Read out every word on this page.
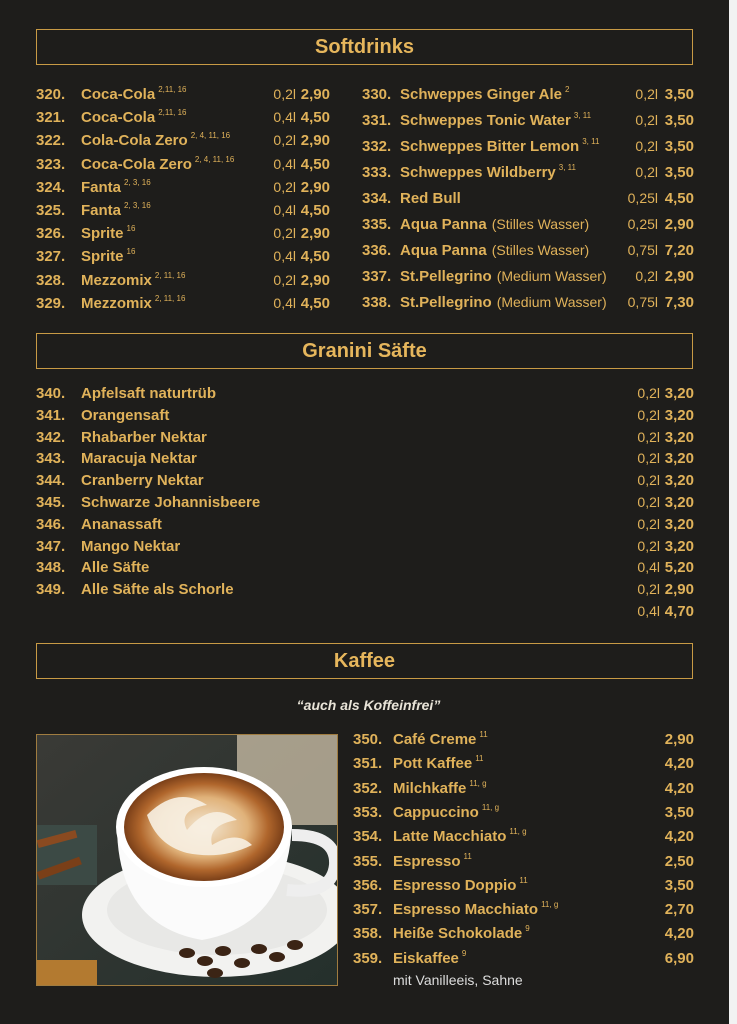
Softdrinks
320.	Coca-Cola 2,11, 16	0,2l 2,90
321.	Coca-Cola 2,11, 16	0,4l 4,50
322.	Cola-Cola Zero 2, 4, 11, 16	0,2l 2,90
323.	Coca-Cola Zero 2, 4, 11, 16	0,4l 4,50
324.	Fanta 2, 3, 16	0,2l 2,90
325.	Fanta 2, 3, 16	0,4l 4,50
326.	Sprite 16	0,2l 2,90
327.	Sprite 16	0,4l 4,50
328.	Mezzomix 2, 11, 16	0,2l 2,90
329.	Mezzomix 2, 11, 16	0,4l 4,50
330. Schweppes Ginger Ale 2	0,2l 3,50
331. Schweppes Tonic Water 3, 11	0,2l 3,50
332. Schweppes Bitter Lemon 3, 11	0,2l 3,50
333. Schweppes Wildberry 3, 11	0,2l 3,50
334. Red Bull	0,25l 4,50
335. Aqua Panna (Stilles Wasser)	0,25l 2,90
336. Aqua Panna (Stilles Wasser)	0,75l 7,20
337. St.Pellegrino (Medium Wasser) 0,2l 2,90
338. St.Pellegrino (Medium Wasser) 0,75l 7,30
Granini Säfte
340.	Apfelsaft naturtrüb	0,2l 3,20
341.	Orangensaft	0,2l 3,20
342.	Rhabarber Nektar	0,2l 3,20
343.	Maracuja Nektar	0,2l 3,20
344.	Cranberry Nektar	0,2l 3,20
345.	Schwarze Johannisbeere	0,2l 3,20
346.	Ananassaft	0,2l 3,20
347.	Mango Nektar	0,2l 3,20
348.	Alle Säfte	0,4l 5,20
349.	Alle Säfte als Schorle	0,2l 2,90
0,4l 4,70
Kaffee
“auch als Koffeinfrei”
350. Café Creme 11	2,90
351. Pott Kaffee 11	4,20
352. Milchkaffe 11, g	4,20
353. Cappuccino 11, g	3,50
354. Latte Macchiato 11, g	4,20
355. Espresso 11	2,50
356. Espresso Doppio 11	3,50
357. Espresso Macchiato 11, g	2,70
358. Heiße Schokolade 9	4,20
359. Eiskaffee 9	6,90
mit Vanilleeis, Sahne
